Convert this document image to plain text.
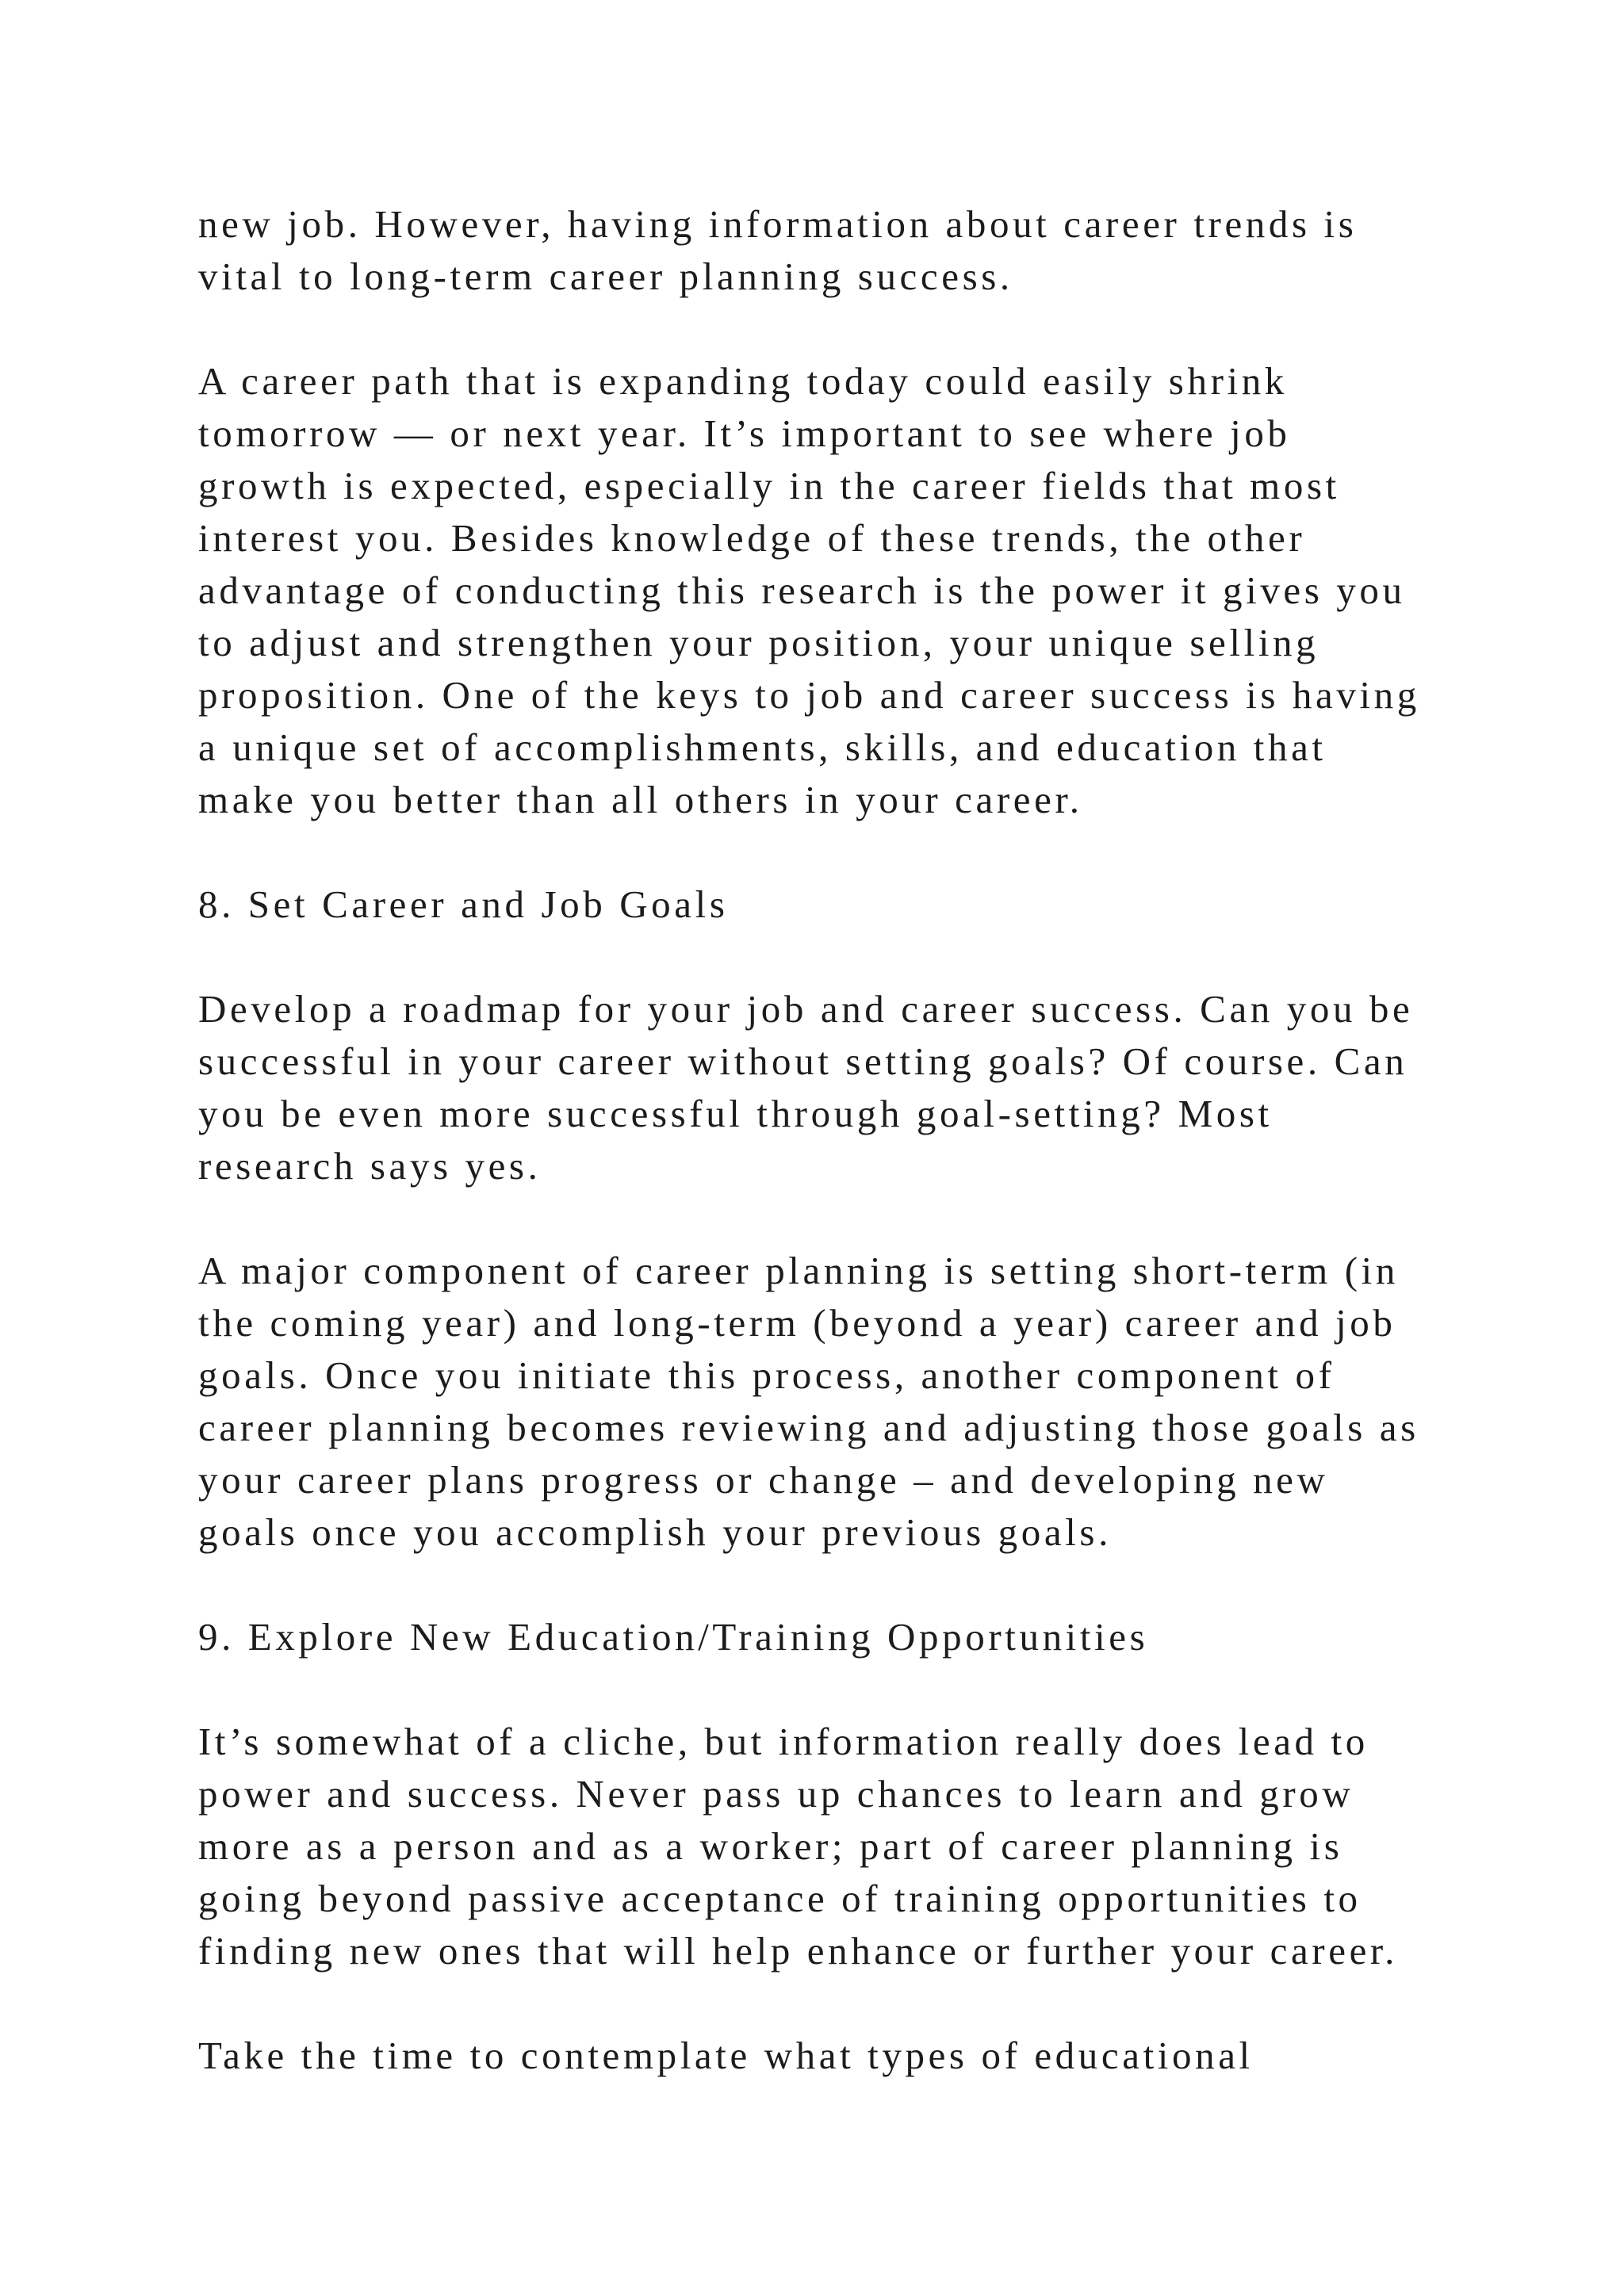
new job. However, having information about career trends is
vital to long-term career planning success.
A career path that is expanding today could easily shrink
tomorrow — or next year. It’s important to see where job
growth is expected, especially in the career fields that most
interest you. Besides knowledge of these trends, the other
advantage of conducting this research is the power it gives you
to adjust and strengthen your position, your unique selling
proposition. One of the keys to job and career success is having
a unique set of accomplishments, skills, and education that
make you better than all others in your career.
8. Set Career and Job Goals
Develop a roadmap for your job and career success. Can you be
successful in your career without setting goals? Of course. Can
you be even more successful through goal-setting? Most
research says yes.
A major component of career planning is setting short-term (in
the coming year) and long-term (beyond a year) career and job
goals. Once you initiate this process, another component of
career planning becomes reviewing and adjusting those goals as
your career plans progress or change – and developing new
goals once you accomplish your previous goals.
9. Explore New Education/Training Opportunities
It’s somewhat of a cliche, but information really does lead to
power and success. Never pass up chances to learn and grow
more as a person and as a worker; part of career planning is
going beyond passive acceptance of training opportunities to
finding new ones that will help enhance or further your career.
Take the time to contemplate what types of educational
